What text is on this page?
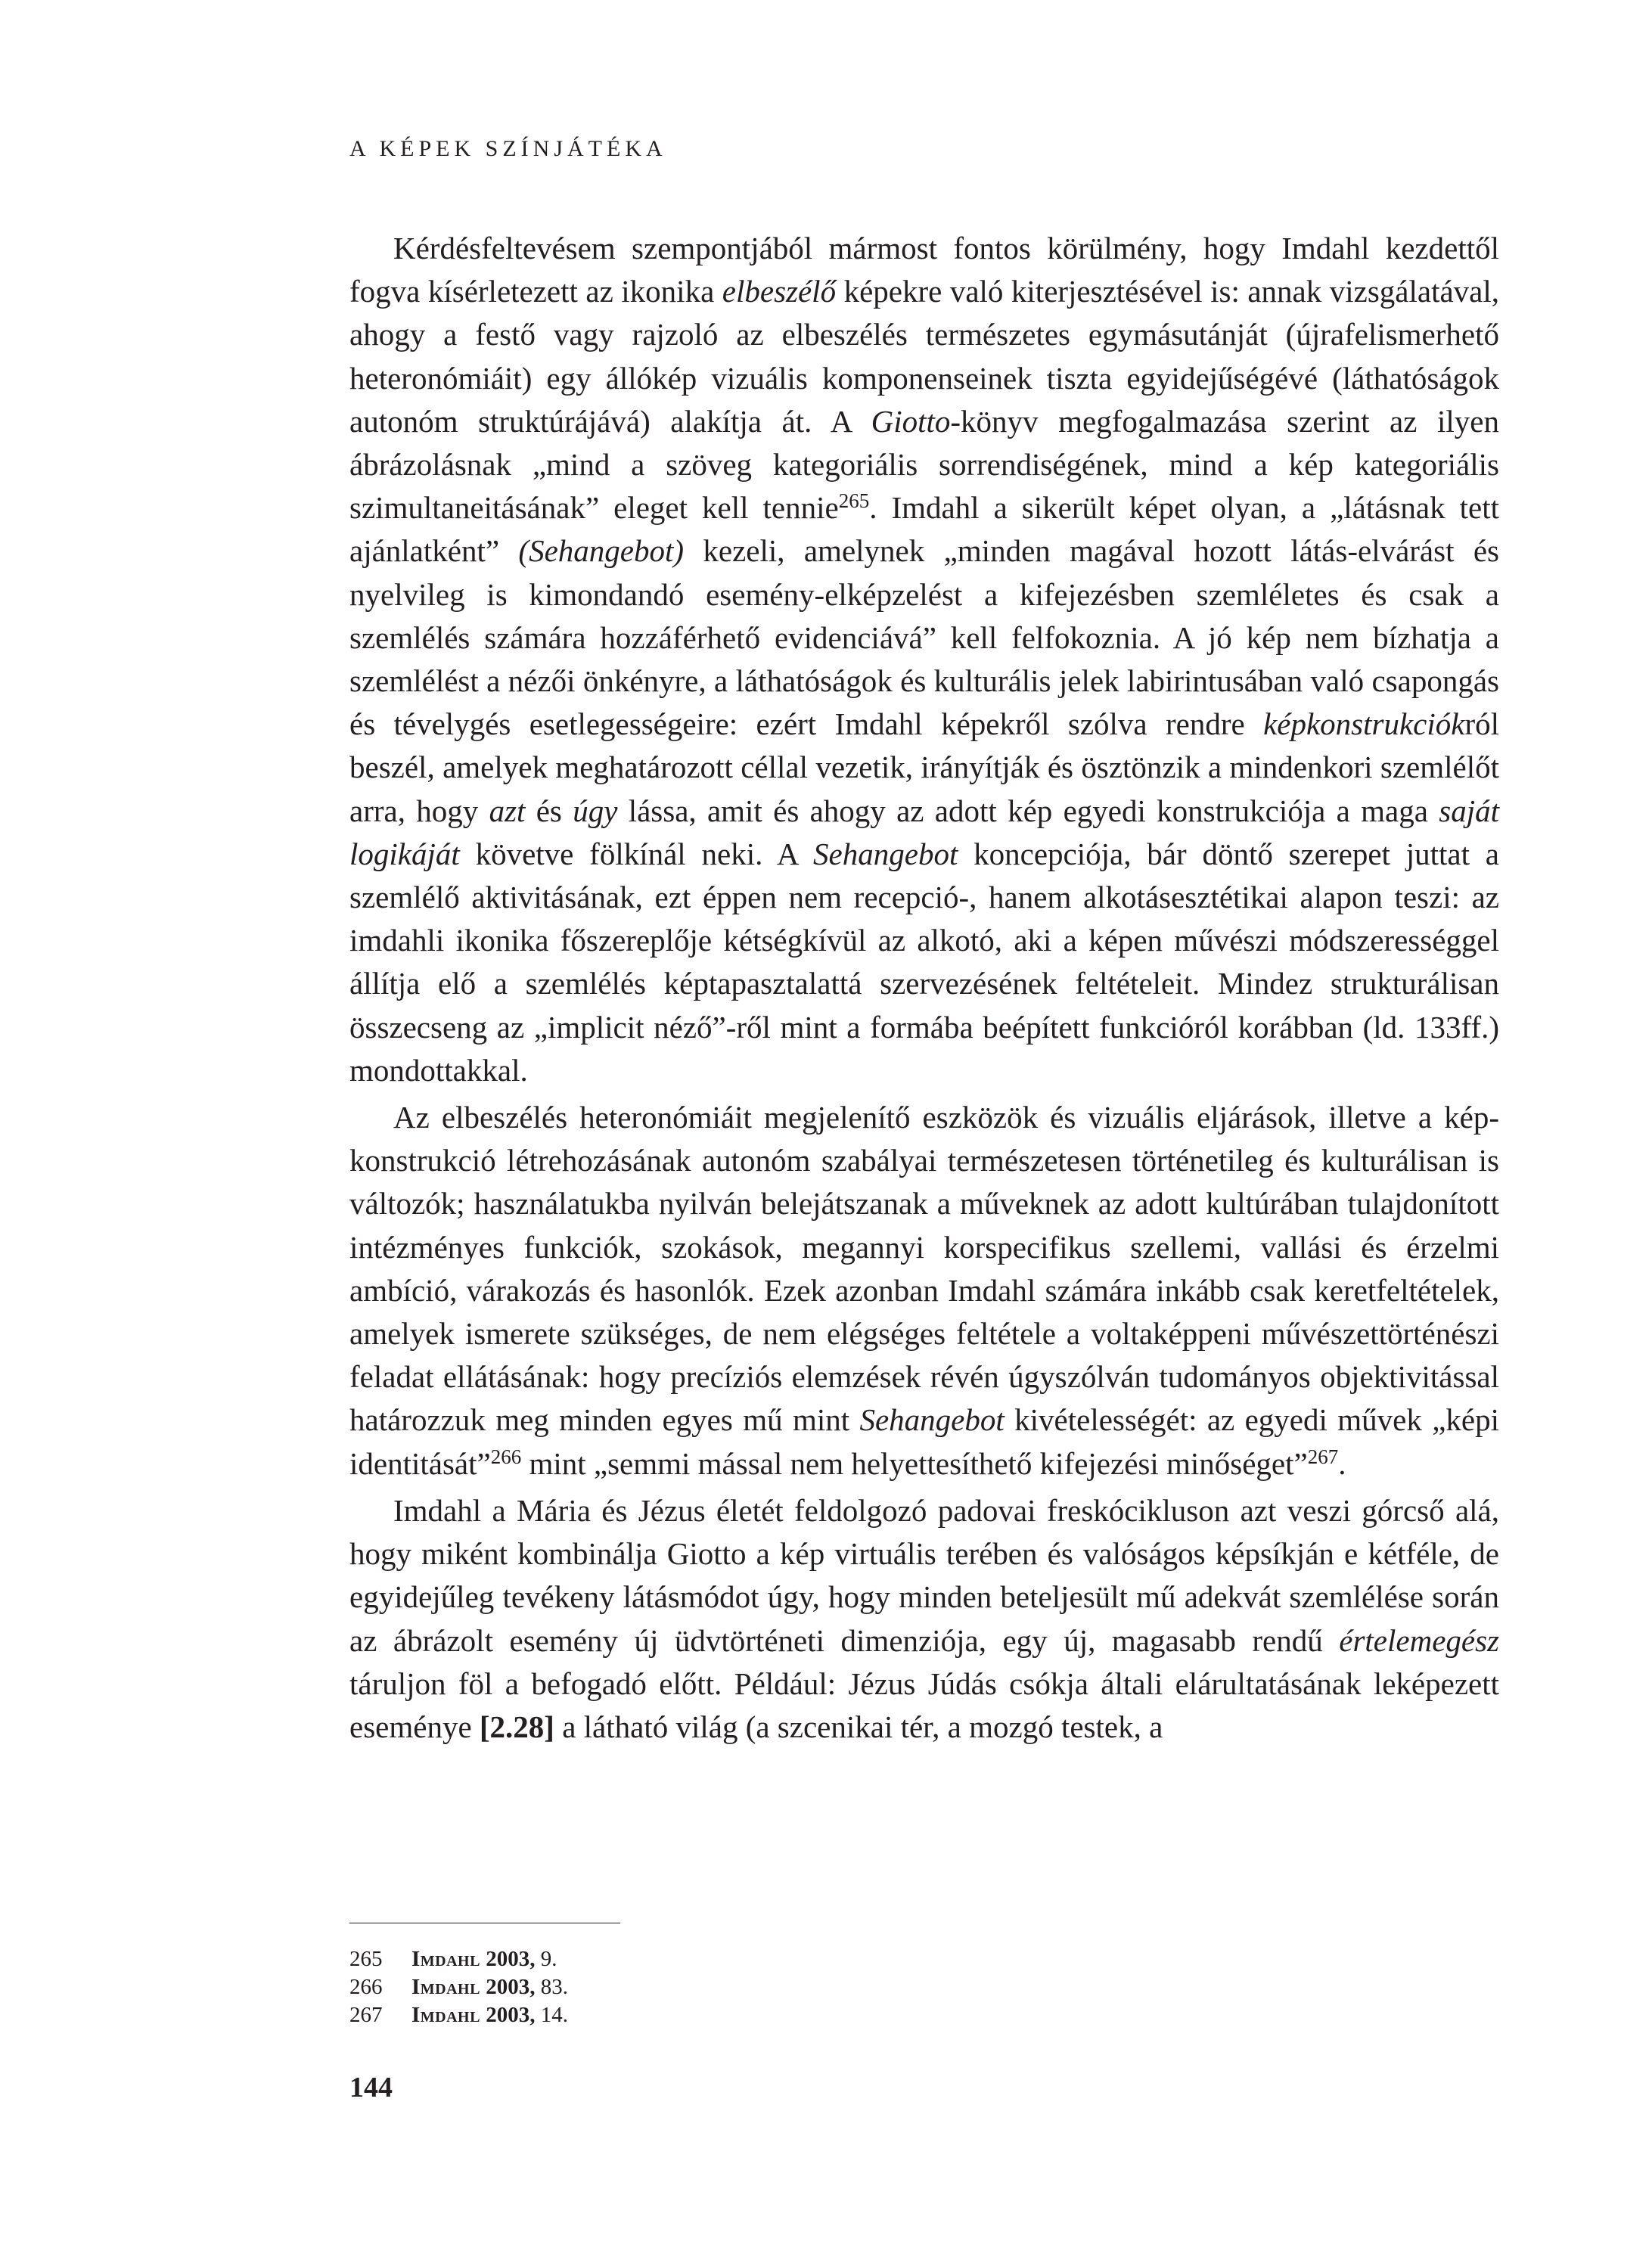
A KÉPEK SZÍNJÁTÉKA

Kérdésfeltevésem szempontjából mármost fontos körülmény, hogy Imdahl kezdettől fogva kísérletezett az ikonika elbeszélő képekre való kiterjesztésével is: annak vizsgálatával, ahogy a festő vagy rajzoló az elbeszélés természetes egymásutánját (újrafelismerhető heteronómiáit) egy állókép vizuális komponenseinek tiszta egyidejűségévé (láthatóságok autonóm struktúrájává) alakítja át. A Giotto-könyv megfogalmazása szerint az ilyen ábrázolásnak „mind a szöveg kategoriális sorrendiségének, mind a kép kategoriális szimultaneitásának” eleget kell tennie$^{265}$. Imdahl a sikerült képet olyan, a „látásnak tett ajánlatként” (Sehangebot) kezeli, amelynek „minden magával hozott látás-elvárást és nyelvileg is kimondandó esemény-elképzelést a kifejezésben szemléletes és csak a szemlélés számára hozzáférhető evidenciává” kell felfokoznia. A jó kép nem bízhatja a szemlélést a nézői önkényre, a láthatóságok és kulturális jelek labirintusában való csapongás és tévelygés esetlegességeire: ezért Imdahl képekről szólva rendre képkonstrukciókról beszél, amelyek meghatározott céllal vezetik, irányítják és ösztönzik a mindenkori szemlélőt arra, hogy azt és úgy lássa, amit és ahogy az adott kép egyedi konstrukciója a maga saját logikáját követve fölkínál neki. A Sehangebot koncepciója, bár döntő szerepet juttat a szemlélő aktivitásának, ezt éppen nem recepció-, hanem alkotásesztétikai alapon teszi: az imdahli ikonika főszereplője kétségkívül az alkotó, aki a képen művészi módszerességgel állítja elő a szemlélés képtapasztalattá szervezésének feltételeit. Mindez strukturálisan összecseng az „implicit néző”-ről mint a formába beépített funkcióról korábban (ld. 133ff.) mondottakkal.

Az elbeszélés heteronómiáit megjelenítő eszközök és vizuális eljárások, illetve a képkonstrukció létrehozásának autonóm szabályai természetesen történetileg és kulturálisan is változók; használatukba nyilván belejátszanak a műveknek az adott kultúrában tulajdonított intézményes funkciók, szokások, megannyi korspecifikus szellemi, vallási és érzelmi ambíció, várakozás és hasonlók. Ezek azonban Imdahl számára inkább csak keretfeltételek, amelyek ismerete szükséges, de nem elégséges feltétele a voltaképpeni művészettörténészi feladat ellátásának: hogy precíziós elemzések révén úgyszólván tudományos objektivitással határozzuk meg minden egyes mű mint Sehangebot kivételességét: az egyedi művek „képi identitását”$^{266}$ mint „semmi mással nem helyettesíthető kifejezési minőséget”$^{267}$.

Imdahl a Mária és Jézus életét feldolgozó padovai freskócikluson azt veszi górcső alá, hogy miként kombinálja Giotto a kép virtuális terében és valóságos képsíkján e kétféle, de egyidejűleg tevékeny látásmódot úgy, hogy minden beteljesült mű adekvát szemlélése során az ábrázolt esemény új üdvtörténeti dimenziója, egy új, magasabb rendű értelemegész táruljon föl a befogadó előtt. Például: Jézus Júdás csókja általi elárultatásának leképezett eseménye [2.28] a látható világ (a szcenikai tér, a mozgó testek, a

265	Imdahl
2003,
9.
266	Imdahl
2003,
83.
267	Imdahl
2003,
14.
144
